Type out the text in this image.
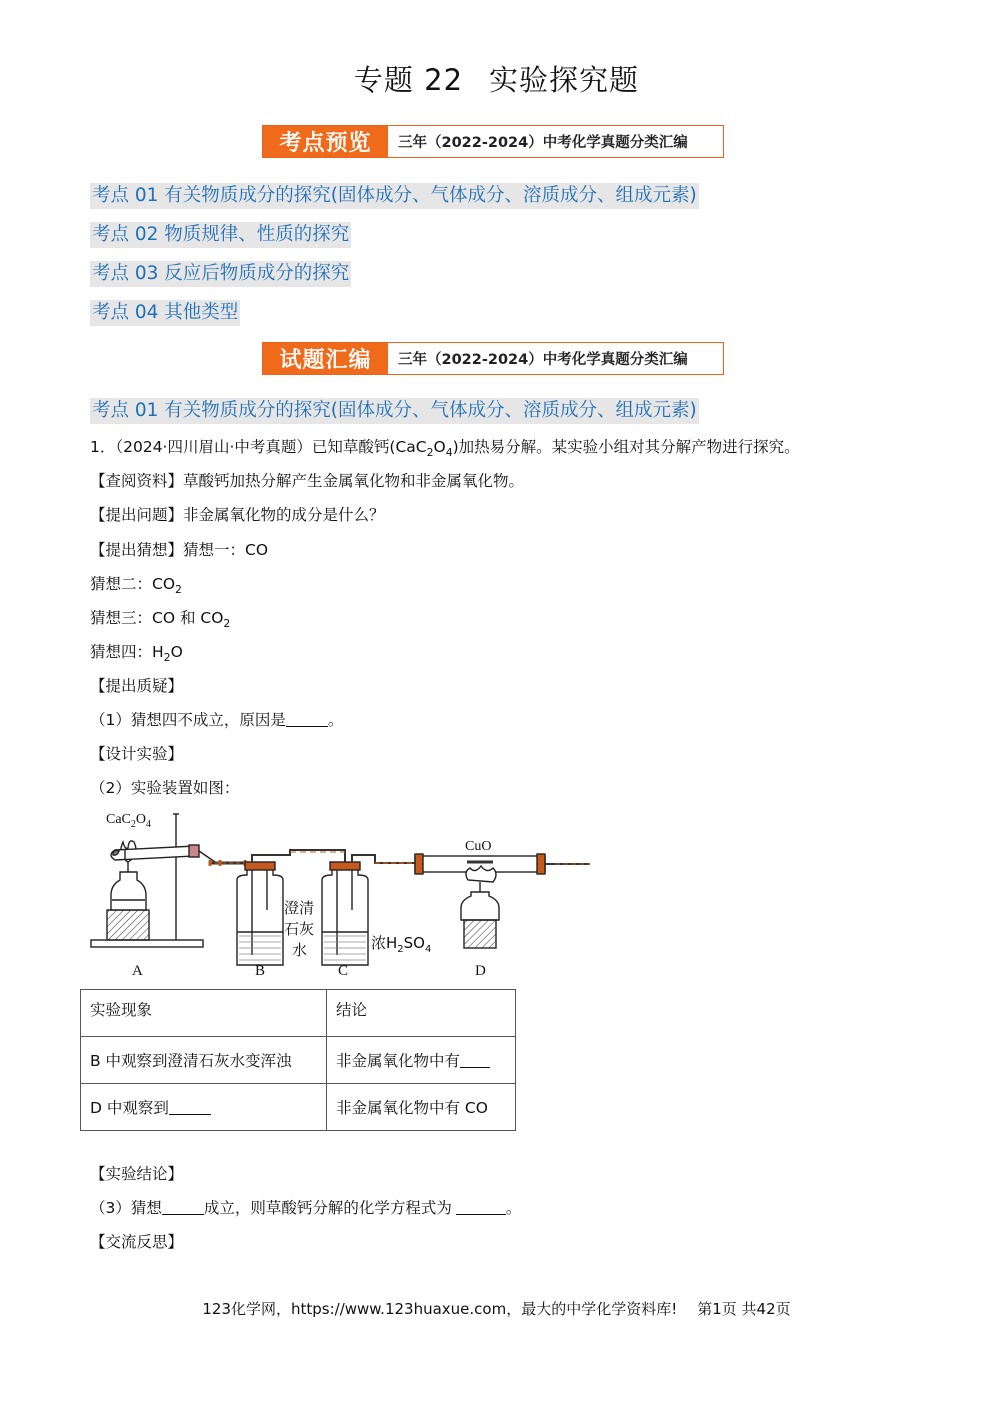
专题 22 实验探究题
考点预览	三年（2022-2024）中考化学真题分类汇编
考点 01 有关物质成分的探究(固体成分、气体成分、溶质成分、组成元素)
考点 02 物质规律、性质的探究
考点 03 反应后物质成分的探究
考点 04 其他类型
试题汇编	三年（2022-2024）中考化学真题分类汇编
考点 01 有关物质成分的探究(固体成分、气体成分、溶质成分、组成元素)
1．（2024·四川眉山·中考真题）已知草酸钙$(CaC_2O_4)$加热易分解。某实验小组对其分解产物进行探究。
【查阅资料】草酸钙加热分解产生金属氧化物和非金属氧化物。
【提出问题】非金属氧化物的成分是什么？
【提出猜想】猜想一：CO
猜想二：$CO_2$
猜想三：CO 和 $CO_2$
猜想四：$H_2O$
【提出质疑】
（1）猜想四不成立，原因是	。
【设计实验】
（2）实验装置如图：
$CaC_2O_4$
CuO
澄清
石灰
水	浓$H_2SO_4$
A	B	C	D
实验现象	结论
B 中观察到澄清石灰水变浑浊	非金属氧化物中有
D 中观察到	非金属氧化物中有 CO
【实验结论】
（3）猜想	成立，则草酸钙分解的化学方程式为	。
【交流反思】
123化学网，https://www.123huaxue.com，最大的中学化学资料库! 第1页 共42页
